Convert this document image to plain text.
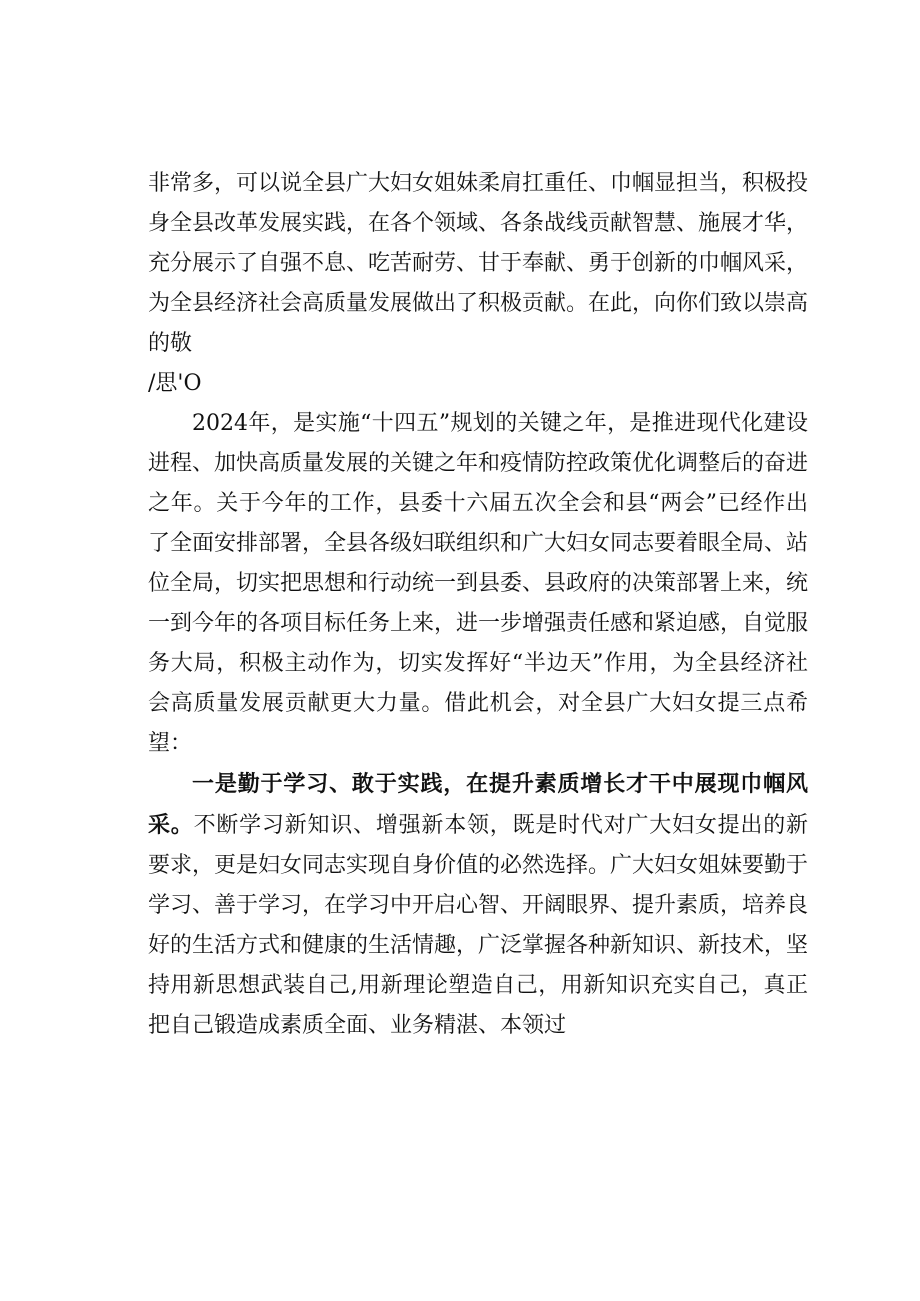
非常多，可以说全县广大妇女姐妹柔肩扛重任、巾帼显担当，积极投身全县改革发展实践，在各个领域、各条战线贡献智慧、施展才华，充分展示了自强不息、吃苦耐劳、甘于奉献、勇于创新的巾帼风采，为全县经济社会高质量发展做出了积极贡献。在此，向你们致以崇高的敬

/思'O

2024年，是实施“十四五”规划的关键之年，是推进现代化建设进程、加快高质量发展的关键之年和疫情防控政策优化调整后的奋进之年。关于今年的工作，县委十六届五次全会和县“两会”已经作出了全面安排部署，全县各级妇联组织和广大妇女同志要着眼全局、站位全局，切实把思想和行动统一到县委、县政府的决策部署上来，统一到今年的各项目标任务上来，进一步增强责任感和紧迫感，自觉服务大局，积极主动作为，切实发挥好“半边天”作用，为全县经济社会高质量发展贡献更大力量。借此机会，对全县广大妇女提三点希望：

一是勤于学习、敢于实践，在提升素质增长才干中展现巾帼风采。不断学习新知识、增强新本领，既是时代对广大妇女提出的新要求，更是妇女同志实现自身价值的必然选择。广大妇女姐妹要勤于学习、善于学习，在学习中开启心智、开阔眼界、提升素质，培养良好的生活方式和健康的生活情趣，广泛掌握各种新知识、新技术，坚持用新思想武装自己,用新理论塑造自己，用新知识充实自己，真正把自己锻造成素质全面、业务精湛、本领过
